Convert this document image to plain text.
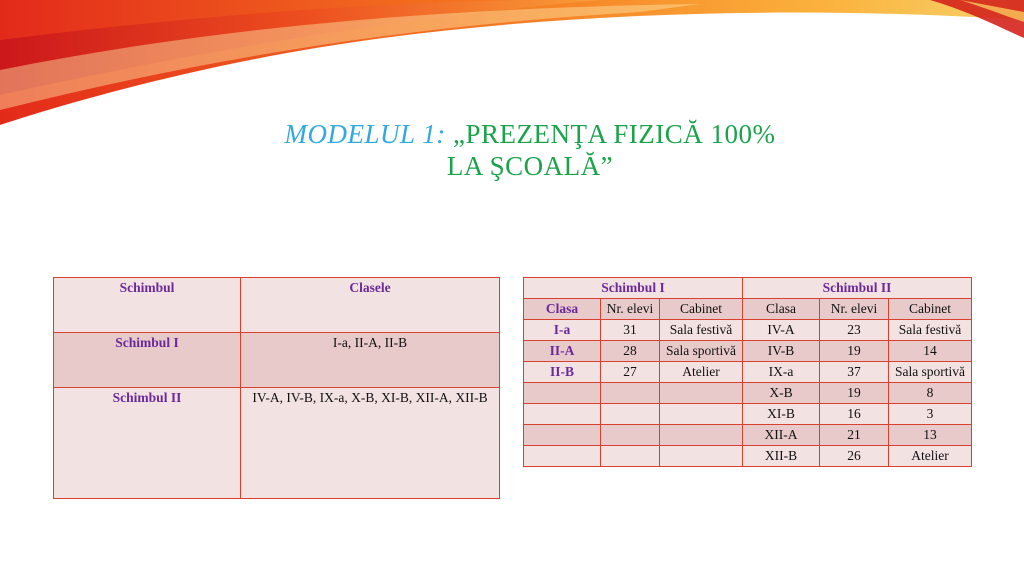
MODELUL 1: „PREZENŢA FIZICĂ 100%
LA ŞCOALĂ”
Schimbul	Clasele
Schimbul I	I-a, II-A, II-B
Schimbul II	IV-A, IV-B, IX-a, X-B, XI-B, XII-A, XII-B
Schimbul I			Schimbul II		
Clasa	Nr. elevi	Cabinet	Clasa	Nr. elevi	Cabinet
I-a	31	Sala festivă	IV-A	23	Sala festivă
II-A	28	Sala sportivă	IV-B	19	14
II-B	27	Atelier	IX-a	37	Sala sportivă
			X-B	19	8
			XI-B	16	3
			XII-A	21	13
			XII-B	26	Atelier
